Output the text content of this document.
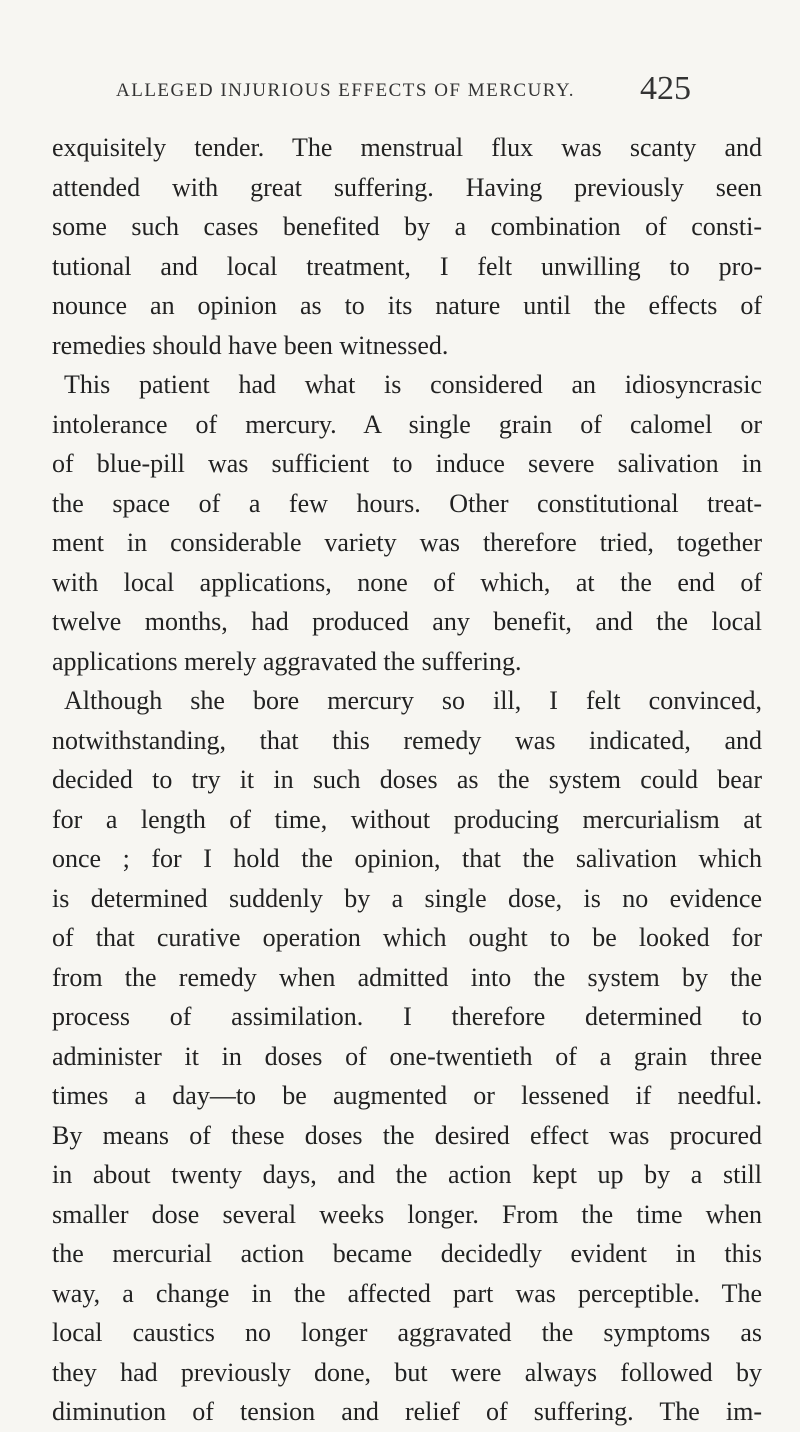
ALLEGED INJURIOUS EFFECTS OF MERCURY. 425
exquisitely tender. The menstrual flux was scanty and
attended with great suffering. Having previously seen
some such cases benefited by a combination of consti-
tutional and local treatment, I felt unwilling to pro-
nounce an opinion as to its nature until the effects of
remedies should have been witnessed.
This patient had what is considered an idiosyncrasic
intolerance of mercury. A single grain of calomel or
of blue-pill was sufficient to induce severe salivation in
the space of a few hours. Other constitutional treat-
ment in considerable variety was therefore tried, together
with local applications, none of which, at the end of
twelve months, had produced any benefit, and the local
applications merely aggravated the suffering.
Although she bore mercury so ill, I felt convinced,
notwithstanding, that this remedy was indicated, and
decided to try it in such doses as the system could bear
for a length of time, without producing mercurialism at
once ; for I hold the opinion, that the salivation which
is determined suddenly by a single dose, is no evidence
of that curative operation which ought to be looked for
from the remedy when admitted into the system by the
process of assimilation. I therefore determined to
administer it in doses of one-twentieth of a grain three
times a day—to be augmented or lessened if needful.
By means of these doses the desired effect was procured
in about twenty days, and the action kept up by a still
smaller dose several weeks longer. From the time when
the mercurial action became decidedly evident in this
way, a change in the affected part was perceptible. The
local caustics no longer aggravated the symptoms as
they had previously done, but were always followed by
diminution of tension and relief of suffering. The im-
